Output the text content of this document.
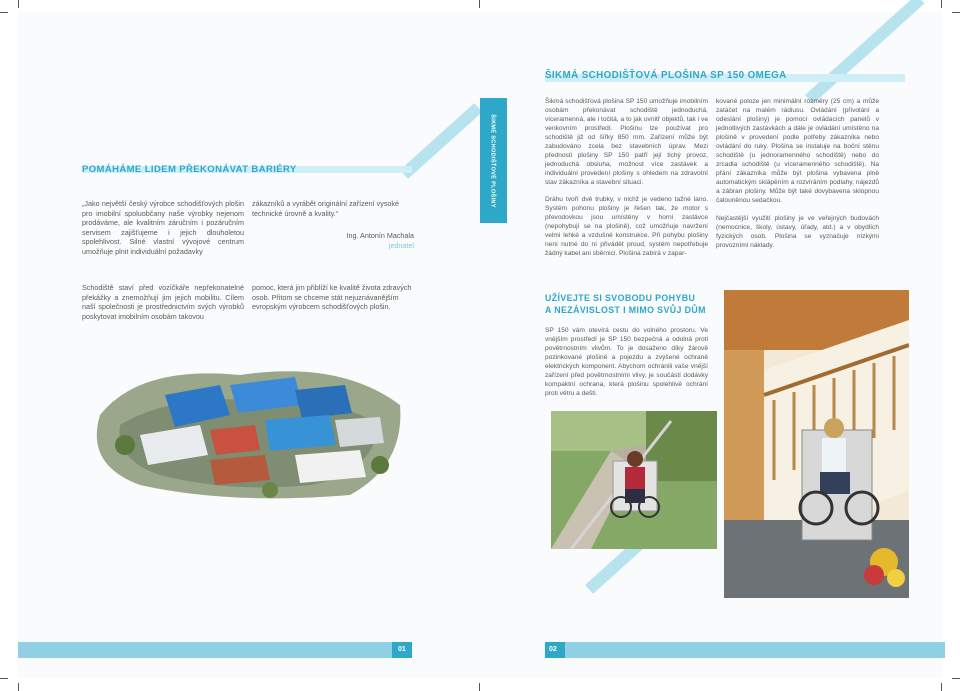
POMÁHÁME LIDEM PŘEKONÁVAT BARIÉRY

„Jako největší český výrobce schodišťových plošin pro imobilní spoluobčany naše výrobky nejenom prodáváme, ale kvalitním záručním i pozáručním servisem zajišťujeme i jejich dlouholetou spolehlivost. Silné vlastní vývojové centrum umožňuje plnit individuální požadavky

zákazníků a vyrábět originální zařízení vysoké technické úrovně a kvality.“

Ing. Antonín Machala

jednatel

Schodiště staví před vozíčkáře nepřekonatelné překážky a znemožňují jim jejich mobilitu. Cílem naší společnosti je prostřednictvím svých výrobků poskytovat imobilním osobám takovou

pomoc, která jim přiblíží ke kvalitě života zdravých osob. Přitom se chceme stát nejuznávanějším evropským výrobcem schodišťových plošin.

ŠIKMÉ SCHODIŠŤOVÉ PLOŠINY
ŠIKMÁ SCHODIŠŤOVÁ PLOŠINA SP 150 OMEGA

Šikmá schodišťová plošina SP 150 umožňuje imobilním osobám překonávat schodiště jednoduchá, víceramenná, ale i točitá, a to jak uvnitř objektů, tak i ve venkovním prostředí. Plošinu lze používat pro schodiště již od šířky 850 mm. Zařízení může být zabudováno zcela bez stavebních úprav. Mezi přednosti plošiny SP 150 patří její tichý provoz, jednoduchá obsluha, možnost více zastávek a individuální provedení plošiny s ohledem na zdravotní stav zákazníka a stavební situaci.

Dráhu tvoří dvě trubky, v nichž je vedeno tažné lano. Systém pohonu plošiny je řešen tak, že motor s převodovkou jsou umístěny v horní zastávce (nepohybují se na plošině), což umožňuje navržení velmi lehké a vzdušné konstrukce. Při pohybu plošiny není nutné do ní přivádět proud, systém nepotřebuje žádný kabel ani sběrnici. Plošina zabírá v zapar-

kované poloze jen minimální rozměry (25 cm) a může zatáčet na malém rádiusu. Ovládání (přivolání a odeslání plošiny) je pomocí ovládacích panelů v jednotlivých zastávkách a dále je ovládání umístěno na plošině v provedení podle potřeby zákazníka nebo ovládání do ruky. Plošina se instaluje na boční stěnu schodiště (u jednoramenného schodiště) nebo do zrcadla schodiště (u víceramenného schodiště). Na přání zákazníka může být plošina vybavena plně automatickým sklápěním a rozvíráním podlahy, nájezdů a zábran plošiny. Může být také dovybavena sklopnou čalouněnou sedačkou.

Nejčastější využití plošiny je ve veřejných budovách (nemocnice, školy, ústavy, úřady, atd.) a v obydlích fyzických osob. Plošina se vyznačuje nízkými provozními náklady.

UŽÍVEJTE SI SVOBODU POHYBU
A NEZÁVISLOST I MIMO SVŮJ DŮM

SP 150 vám otevírá cestu do volného prostoru. Ve vnějším prostředí je SP 150 bezpečná a odolná proti povětrnostním vlivům. To je dosaženo díky žárově pozinkované plošině a pojezdu a zvýšené ochraně elektrických komponent. Abychom ochránili vaše vnější zařízení před povětrnostními vlivy, je součástí dodávky kompaktní ochrana, která plošinu spolehlivě ochrání proti větru a dešti.

01	02
